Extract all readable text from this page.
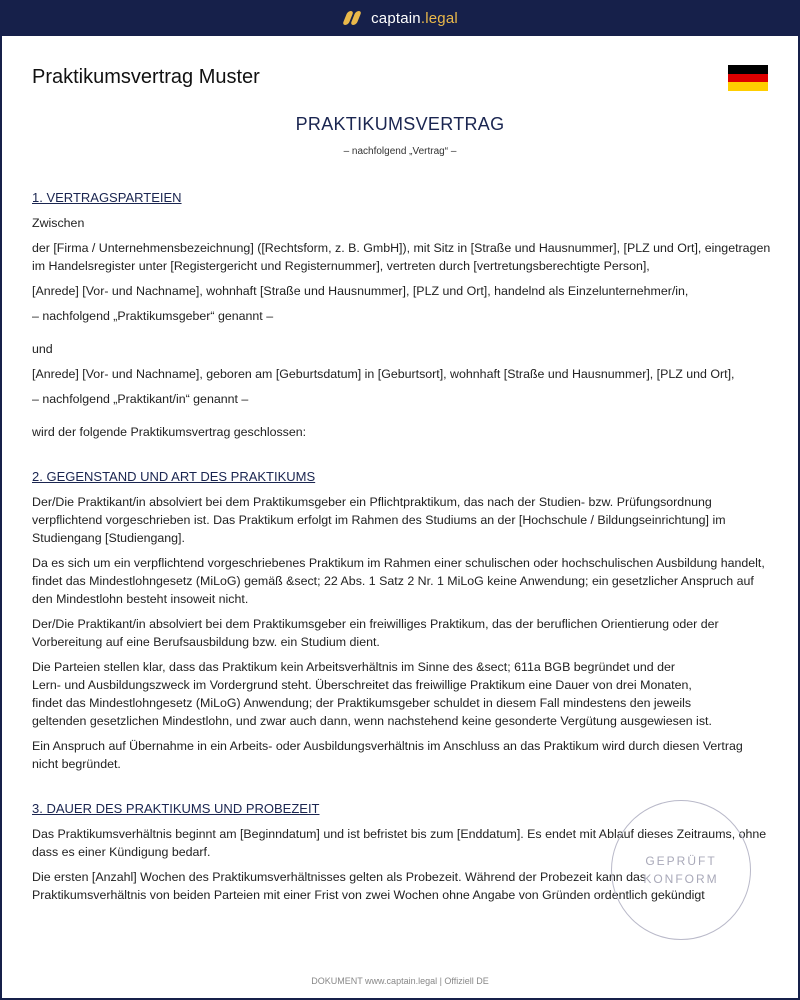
captain.legal
Praktikumsvertrag Muster
PRAKTIKUMSVERTRAG
– nachfolgend „Vertrag“ –
1. VERTRAGSPARTEIEN

Zwischen

der [Firma / Unternehmensbezeichnung] ([Rechtsform, z. B. GmbH]), mit Sitz in [Straße und Hausnummer], [PLZ und Ort], eingetragen im Handelsregister unter [Registergericht und Registernummer], vertreten durch [vertretungsberechtigte Person],

[Anrede] [Vor- und Nachname], wohnhaft [Straße und Hausnummer], [PLZ und Ort], handelnd als Einzelunternehmer/in,

– nachfolgend „Praktikumsgeber“ genannt –

und

[Anrede] [Vor- und Nachname], geboren am [Geburtsdatum] in [Geburtsort], wohnhaft [Straße und Hausnummer], [PLZ und Ort],

– nachfolgend „Praktikant/in“ genannt –

wird der folgende Praktikumsvertrag geschlossen:

2. GEGENSTAND UND ART DES PRAKTIKUMS

Der/Die Praktikant/in absolviert bei dem Praktikumsgeber ein Pflichtpraktikum, das nach der Studien- bzw. Prüfungsordnung verpflichtend vorgeschrieben ist. Das Praktikum erfolgt im Rahmen des Studiums an der [Hochschule / Bildungseinrichtung] im Studiengang [Studiengang].

Da es sich um ein verpflichtend vorgeschriebenes Praktikum im Rahmen einer schulischen oder hochschulischen Ausbildung handelt, findet das Mindestlohngesetz (MiLoG) gemäß &sect; 22 Abs. 1 Satz 2 Nr. 1 MiLoG keine Anwendung; ein gesetzlicher Anspruch auf den Mindestlohn besteht insoweit nicht.

Der/Die Praktikant/in absolviert bei dem Praktikumsgeber ein freiwilliges Praktikum, das der beruflichen Orientierung oder der Vorbereitung auf eine Berufsausbildung bzw. ein Studium dient.

Die Parteien stellen klar, dass das Praktikum kein Arbeitsverhältnis im Sinne des &sect; 611a BGB begründet und der

Lern- und Ausbildungszweck im Vordergrund steht. Überschreitet das freiwillige Praktikum eine Dauer von drei Monaten,

findet das Mindestlohngesetz (MiLoG) Anwendung; der Praktikumsgeber schuldet in diesem Fall mindestens den jeweils

geltenden gesetzlichen Mindestlohn, und zwar auch dann, wenn nachstehend keine gesonderte Vergütung ausgewiesen ist.

Ein Anspruch auf Übernahme in ein Arbeits- oder Ausbildungsverhältnis im Anschluss an das Praktikum wird durch diesen Vertrag nicht begründet.

3. DAUER DES PRAKTIKUMS UND PROBEZEIT

Das Praktikumsverhältnis beginnt am [Beginndatum] und ist befristet bis zum [Enddatum]. Es endet mit Ablauf dieses Zeitraums, ohne dass es einer Kündigung bedarf.

Die ersten [Anzahl] Wochen des Praktikumsverhältnisses gelten als Probezeit. Während der Probezeit kann das

Praktikumsverhältnis von beiden Parteien mit einer Frist von zwei Wochen ohne Angabe von Gründen ordentlich gekündigt

GEPRÜFT
KONFORM
DOKUMENT www.captain.legal | Offiziell DE
